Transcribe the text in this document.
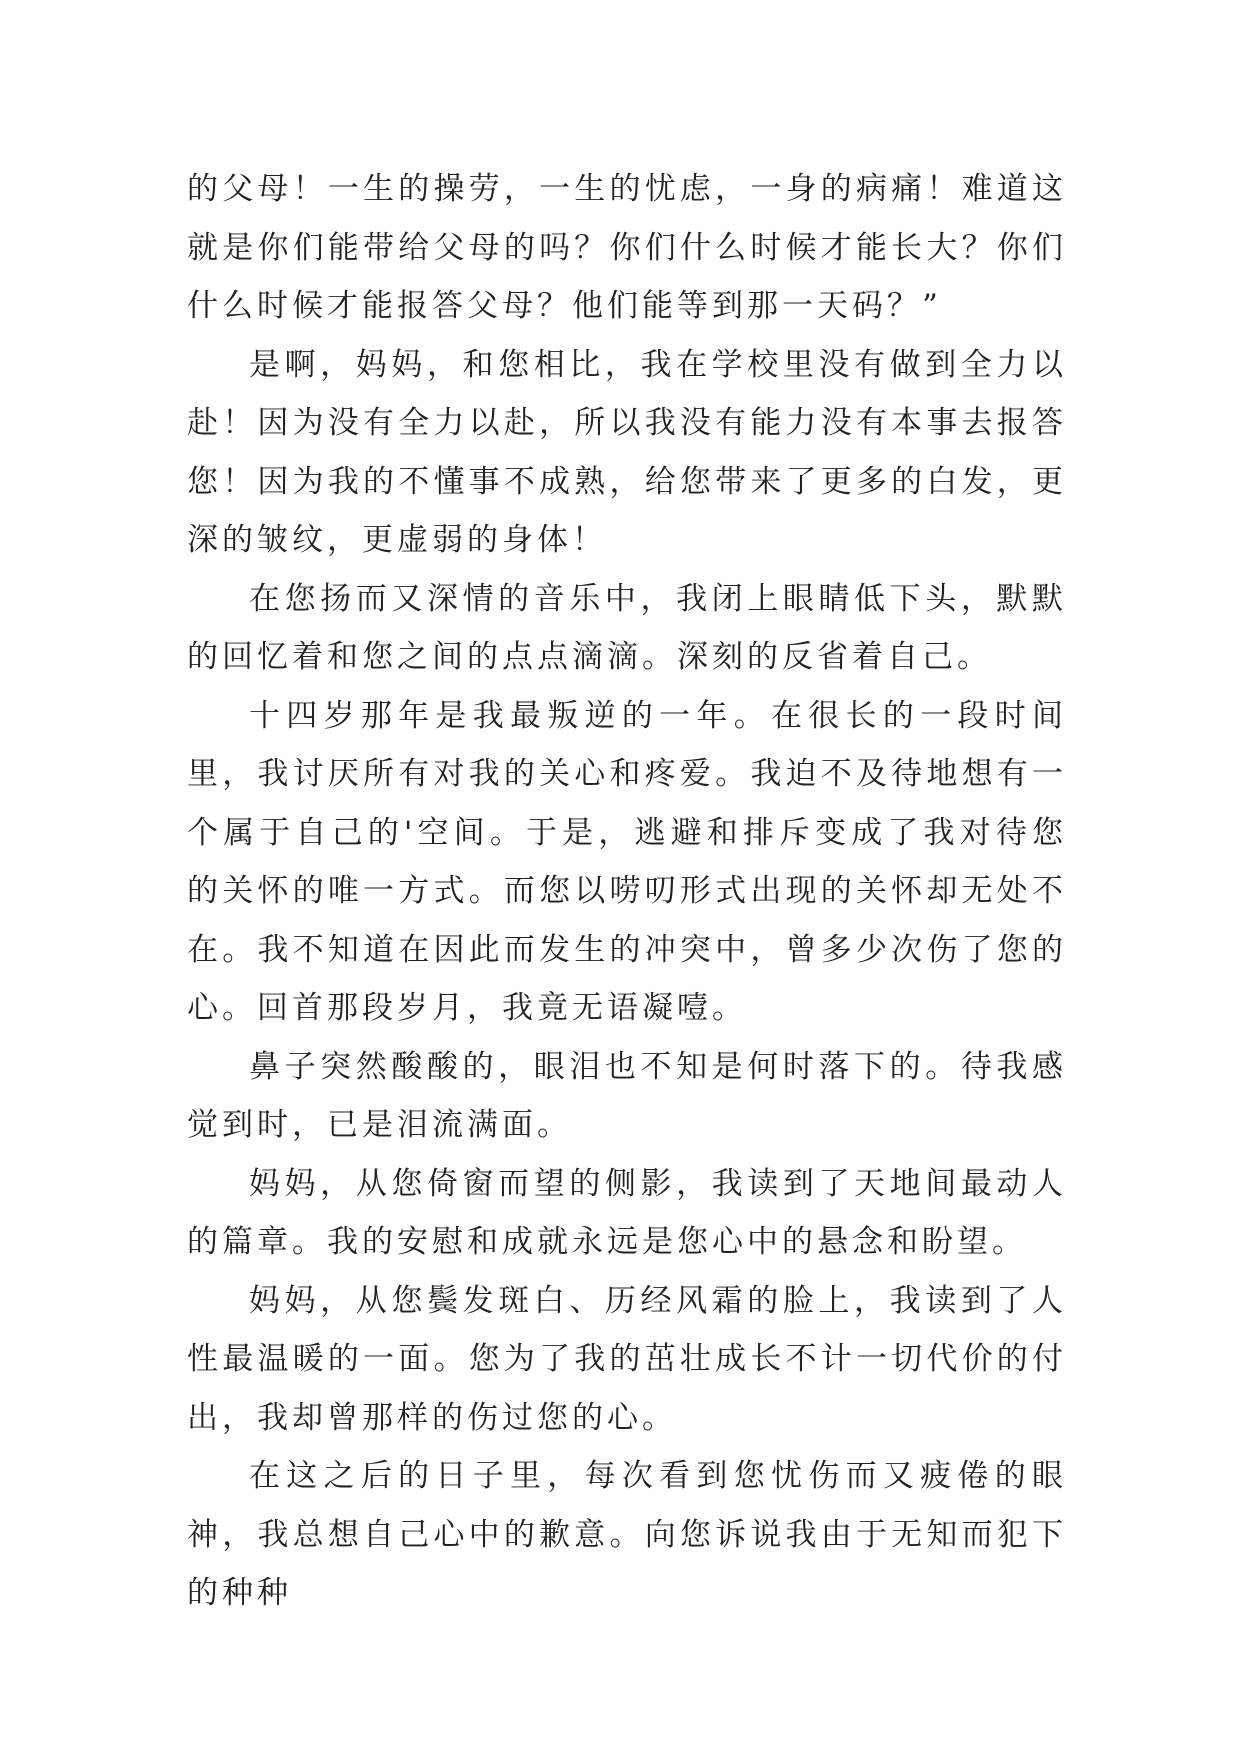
的父母！一生的操劳，一生的忧虑，一身的病痛！难道这就是你们能带给父母的吗？你们什么时候才能长大？你们什么时候才能报答父母？他们能等到那一天码？”

是啊，妈妈，和您相比，我在学校里没有做到全力以赴！因为没有全力以赴，所以我没有能力没有本事去报答您！因为我的不懂事不成熟，给您带来了更多的白发，更深的皱纹，更虚弱的身体！

在您扬而又深情的音乐中，我闭上眼睛低下头，默默的回忆着和您之间的点点滴滴。深刻的反省着自己。

十四岁那年是我最叛逆的一年。在很长的一段时间里，我讨厌所有对我的关心和疼爱。我迫不及待地想有一个属于自己的'空间。于是，逃避和排斥变成了我对待您的关怀的唯一方式。而您以唠叨形式出现的关怀却无处不在。我不知道在因此而发生的冲突中，曾多少次伤了您的心。回首那段岁月，我竟无语凝噎。

鼻子突然酸酸的，眼泪也不知是何时落下的。待我感觉到时，已是泪流满面。

妈妈，从您倚窗而望的侧影，我读到了天地间最动人的篇章。我的安慰和成就永远是您心中的悬念和盼望。

妈妈，从您鬓发斑白、历经风霜的脸上，我读到了人性最温暖的一面。您为了我的茁壮成长不计一切代价的付出，我却曾那样的伤过您的心。

在这之后的日子里，每次看到您忧伤而又疲倦的眼神，我总想自己心中的歉意。向您诉说我由于无知而犯下的种种
